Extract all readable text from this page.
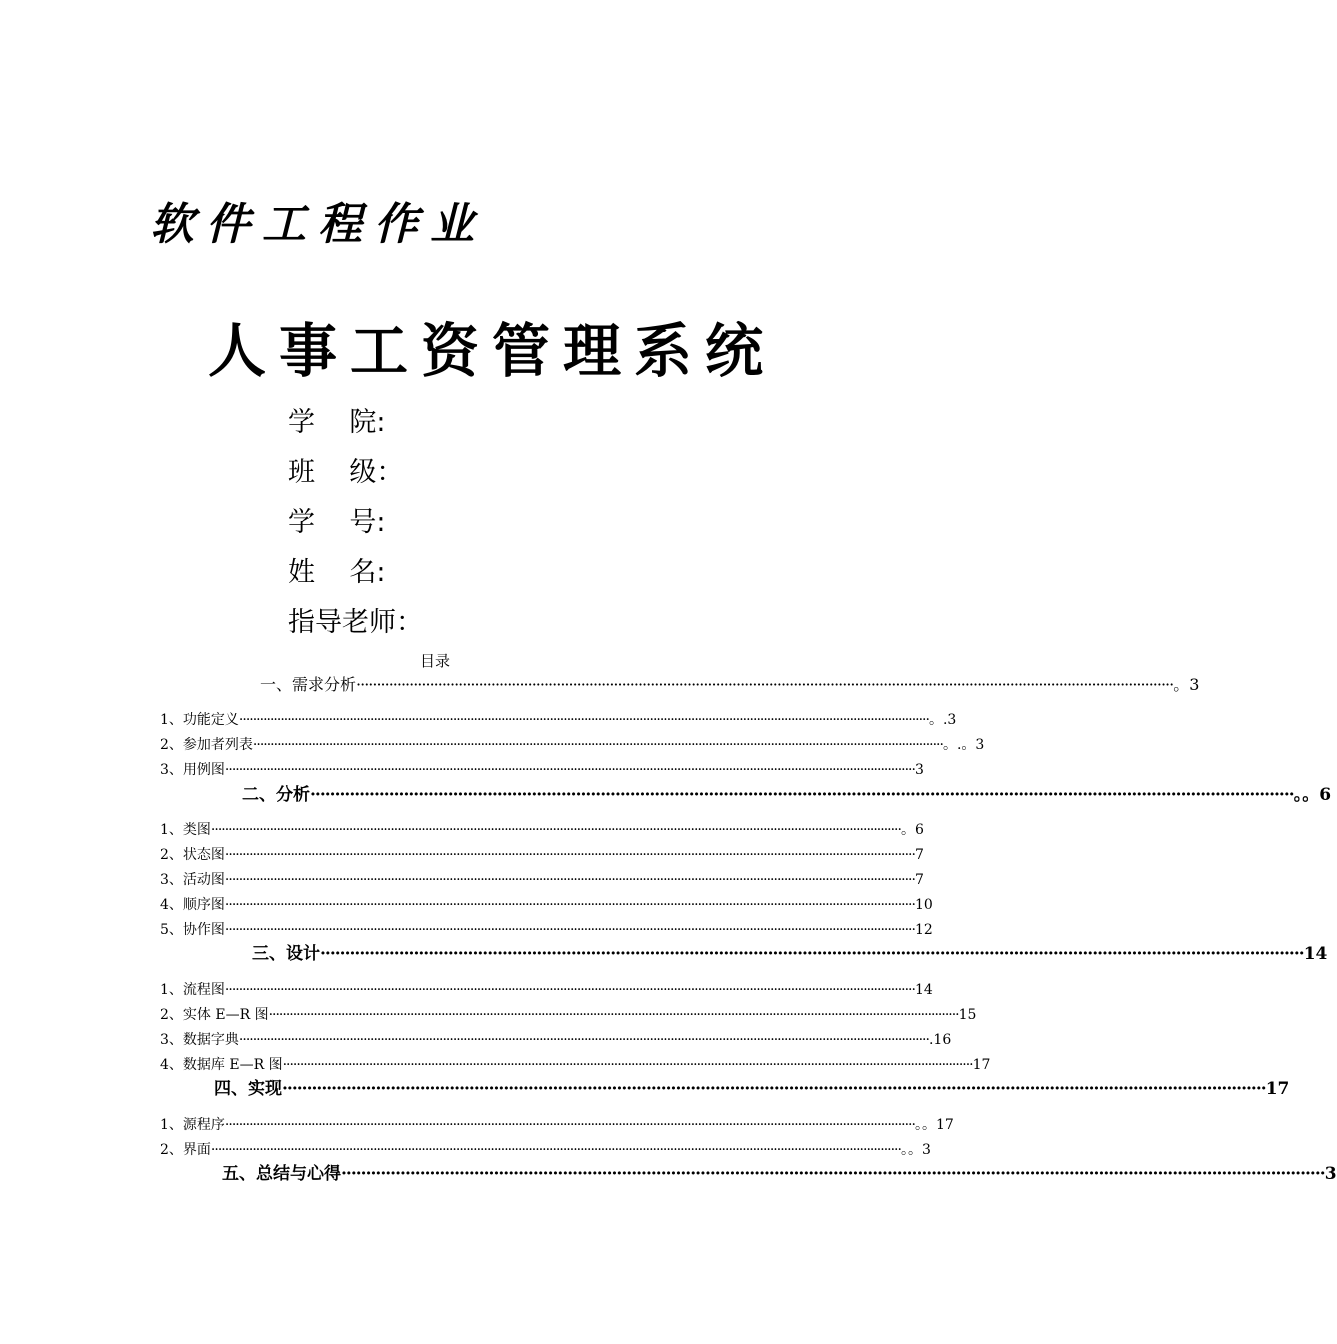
软件工程作业
人事工资管理系统
学    院:
班    级：
学    号:
姓    名:
指导老师：
目录
一、需求分析 ········································································································································································································ 。3
1、功能定义 ········································································································································································································ 。.3
2、参加者列表 ········································································································································································································ 。.。3
3、用例图 ········································································································································································································ 3
二、分析 ········································································································································································································ 。。6
1、类图 ········································································································································································································ 。6
2、状态图 ········································································································································································································ 7
3、活动图 ········································································································································································································ 7
4、顺序图 ········································································································································································································ 10
5、协作图 ········································································································································································································ 12
三、设计 ········································································································································································································ 14
1、流程图 ········································································································································································································ 14
2、实体 E—R 图 ········································································································································································································ 15
3、数据字典 ········································································································································································································ .16
4、数据库 E—R 图 ········································································································································································································ 17
四、实现 ········································································································································································································ 17
1、源程序 ········································································································································································································ 。。17
2、界面 ········································································································································································································ 。。3
五、总结与心得 ········································································································································································································ 3
